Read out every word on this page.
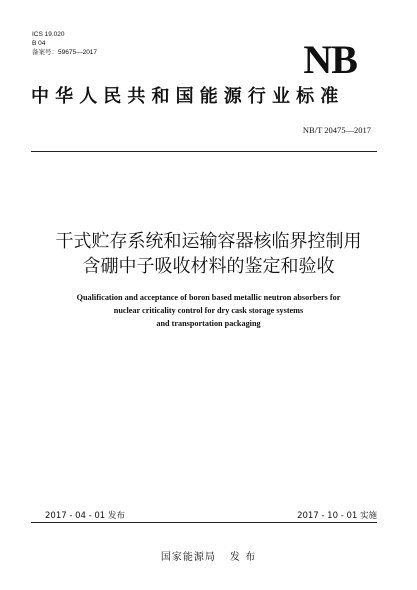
ICS 19.020
B 04
备案号：59675—2017	NB
中华人民共和国能源行业标准
NB/T 20475—2017
干式贮存系统和运输容器核临界控制用
含硼中子吸收材料的鉴定和验收
Qualification and acceptance of boron based metallic neutron absorbers for
nuclear criticality control for dry cask storage systems
and transportation packaging
2017 - 04 - 01 发布	2017 - 10 - 01 实施
国家能源局 发 布
